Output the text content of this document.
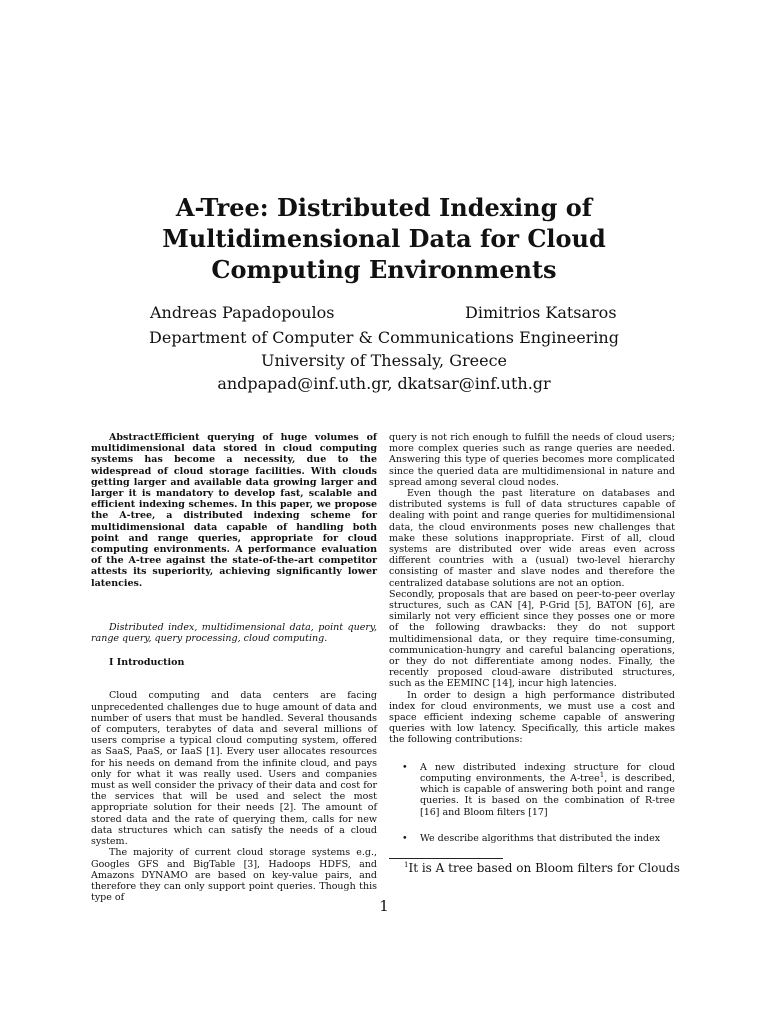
A-Tree: Distributed Indexing of Multidimensional Data for Cloud Computing Environments
Andreas Papadopoulos	Dimitrios Katsaros
Department of Computer & Communications Engineering
University of Thessaly, Greece
andpapad@inf.uth.gr, dkatsar@inf.uth.gr

AbstractEfficient querying of huge volumes of multidimensional data stored in cloud computing systems has become a necessity, due to the widespread of cloud storage facilities. With clouds getting larger and available data growing larger and larger it is mandatory to develop fast, scalable and efficient indexing schemes. In this paper, we propose the A-tree, a distributed indexing scheme for multidimensional data capable of handling both point and range queries, appropriate for cloud computing environments. A performance evaluation of the A-tree against the state-of-the-art competitor attests its superiority, achieving significantly lower latencies.

Distributed index, multidimensional data, point query, range query, query processing, cloud computing.

I Introduction

Cloud computing and data centers are facing unprecedented challenges due to huge amount of data and number of users that must be handled. Several thousands of computers, terabytes of data and several millions of users comprise a typical cloud computing system, offered as SaaS, PaaS, or IaaS [1]. Every user allocates resources for his needs on demand from the infinite cloud, and pays only for what it was really used. Users and companies must as well consider the privacy of their data and cost for the services that will be used and select the most appropriate solution for their needs [2]. The amount of stored data and the rate of querying them, calls for new data structures which can satisfy the needs of a cloud system.

The majority of current cloud storage systems e.g., Googles GFS and BigTable [3], Hadoops HDFS, and Amazons DYNAMO are based on key-value pairs, and therefore they can only support point queries. Though this type of

query is not rich enough to fulfill the needs of cloud users; more complex queries such as range queries are needed. Answering this type of queries becomes more complicated since the queried data are multidimensional in nature and spread among several cloud nodes.

Even though the past literature on databases and distributed systems is full of data structures capable of dealing with point and range queries for multidimensional data, the cloud environments poses new challenges that make these solutions inappropriate. First of all, cloud systems are distributed over wide areas even across different countries with a (usual) two-level hierarchy consisting of master and slave nodes and therefore the centralized database solutions are not an option.

Secondly, proposals that are based on peer-to-peer overlay structures, such as CAN [4], P-Grid [5], BATON [6], are similarly not very efficient since they posses one or more of the following drawbacks: they do not support multidimensional data, or they require time-consuming, communication-hungry and careful balancing operations, or they do not differentiate among nodes. Finally, the recently proposed cloud-aware distributed structures, such as the EEMINC [14], incur high latencies.

In order to design a high performance distributed index for cloud environments, we must use a cost and space efficient indexing scheme capable of answering queries with low latency. Specifically, this article makes the following contributions:

• A new distributed indexing structure for cloud computing environments, the A-tree$^1$, is described, which is capable of answering both point and range queries. It is based on the combination of R-tree [16] and Bloom filters [17]
• We describe algorithms that distributed the index
$^1$It is A tree based on Bloom filters for Clouds
1
